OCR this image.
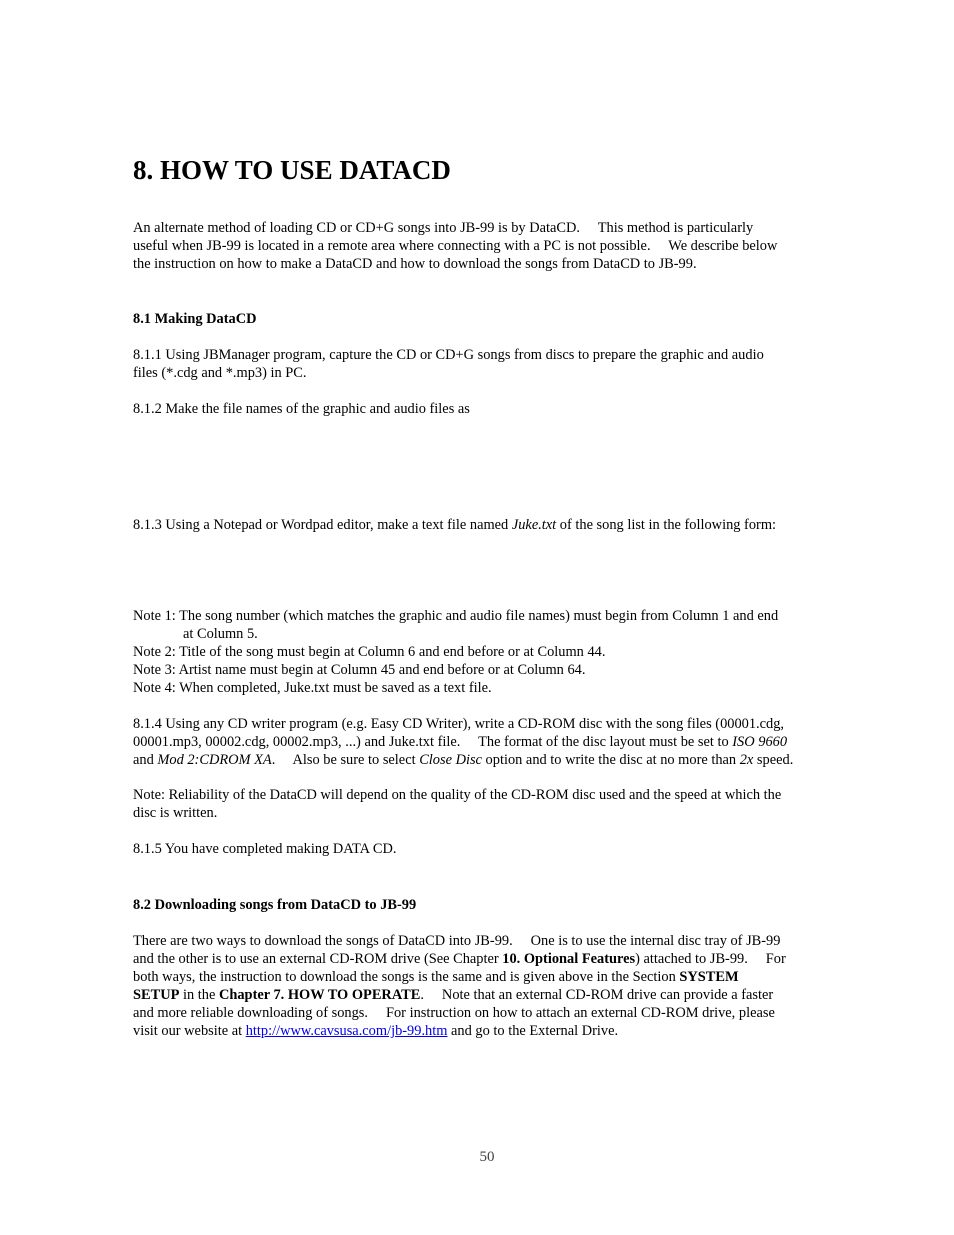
8. HOW TO USE DATACD

An alternate method of loading CD or CD+G songs into JB-99 is by DataCD.  This method is particularly
useful when JB-99 is located in a remote area where connecting with a PC is not possible.  We describe below
the instruction on how to make a DataCD and how to download the songs from DataCD to JB-99.

8.1 Making DataCD

8.1.1 Using JBManager program, capture the CD or CD+G songs from discs to prepare the graphic and audio
files (*.cdg and *.mp3) in PC.

8.1.2 Make the file names of the graphic and audio files as

8.1.3 Using a Notepad or Wordpad editor, make a text file named Juke.txt of the song list in the following form:

Note 1: The song number (which matches the graphic and audio file names) must begin from Column 1 and end
at Column 5.
Note 2: Title of the song must begin at Column 6 and end before or at Column 44.
Note 3: Artist name must begin at Column 45 and end before or at Column 64.
Note 4: When completed, Juke.txt must be saved as a text file.

8.1.4 Using any CD writer program (e.g. Easy CD Writer), write a CD-ROM disc with the song files (00001.cdg,
00001.mp3, 00002.cdg, 00002.mp3, ...) and Juke.txt file.  The format of the disc layout must be set to ISO 9660
and Mod 2:CDROM XA.  Also be sure to select Close Disc option and to write the disc at no more than 2x speed.

Note: Reliability of the DataCD will depend on the quality of the CD-ROM disc used and the speed at which the
disc is written.

8.1.5 You have completed making DATA CD.

8.2 Downloading songs from DataCD to JB-99

There are two ways to download the songs of DataCD into JB-99.  One is to use the internal disc tray of JB-99
and the other is to use an external CD-ROM drive (See Chapter 10. Optional Features) attached to JB-99.  For
both ways, the instruction to download the songs is the same and is given above in the Section SYSTEM
SETUP in the Chapter 7. HOW TO OPERATE.  Note that an external CD-ROM drive can provide a faster
and more reliable downloading of songs.  For instruction on how to attach an external CD-ROM drive, please
visit our website at http://www.cavsusa.com/jb-99.htm and go to the External Drive.

50
